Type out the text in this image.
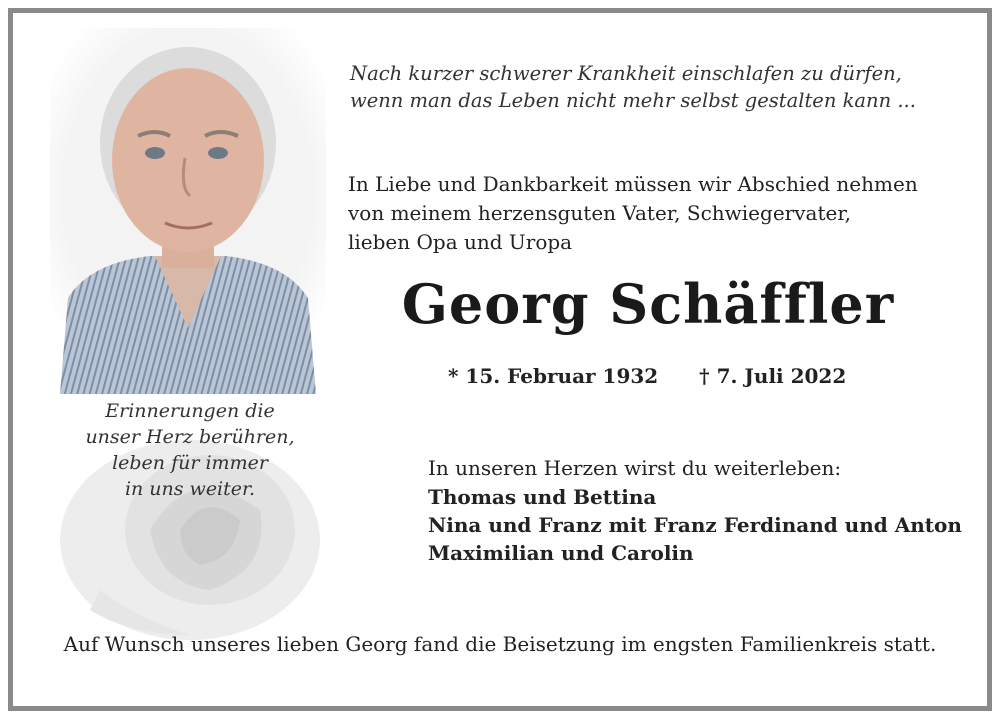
Erinnerungen die
unser Herz berühren,
leben für immer
in uns weiter.
Nach kurzer schwerer Krankheit einschlafen zu dürfen,
wenn man das Leben nicht mehr selbst gestalten kann ...
In Liebe und Dankbarkeit müssen wir Abschied nehmen
von meinem herzensguten Vater, Schwiegervater,
lieben Opa und Uropa
Georg Schäffler
* 15. Februar 1932 † 7. Juli 2022
In unseren Herzen wirst du weiterleben:
Thomas und Bettina
Nina und Franz mit Franz Ferdinand und Anton
Maximilian und Carolin
Auf Wunsch unseres lieben Georg fand die Beisetzung im engsten Familienkreis statt.
